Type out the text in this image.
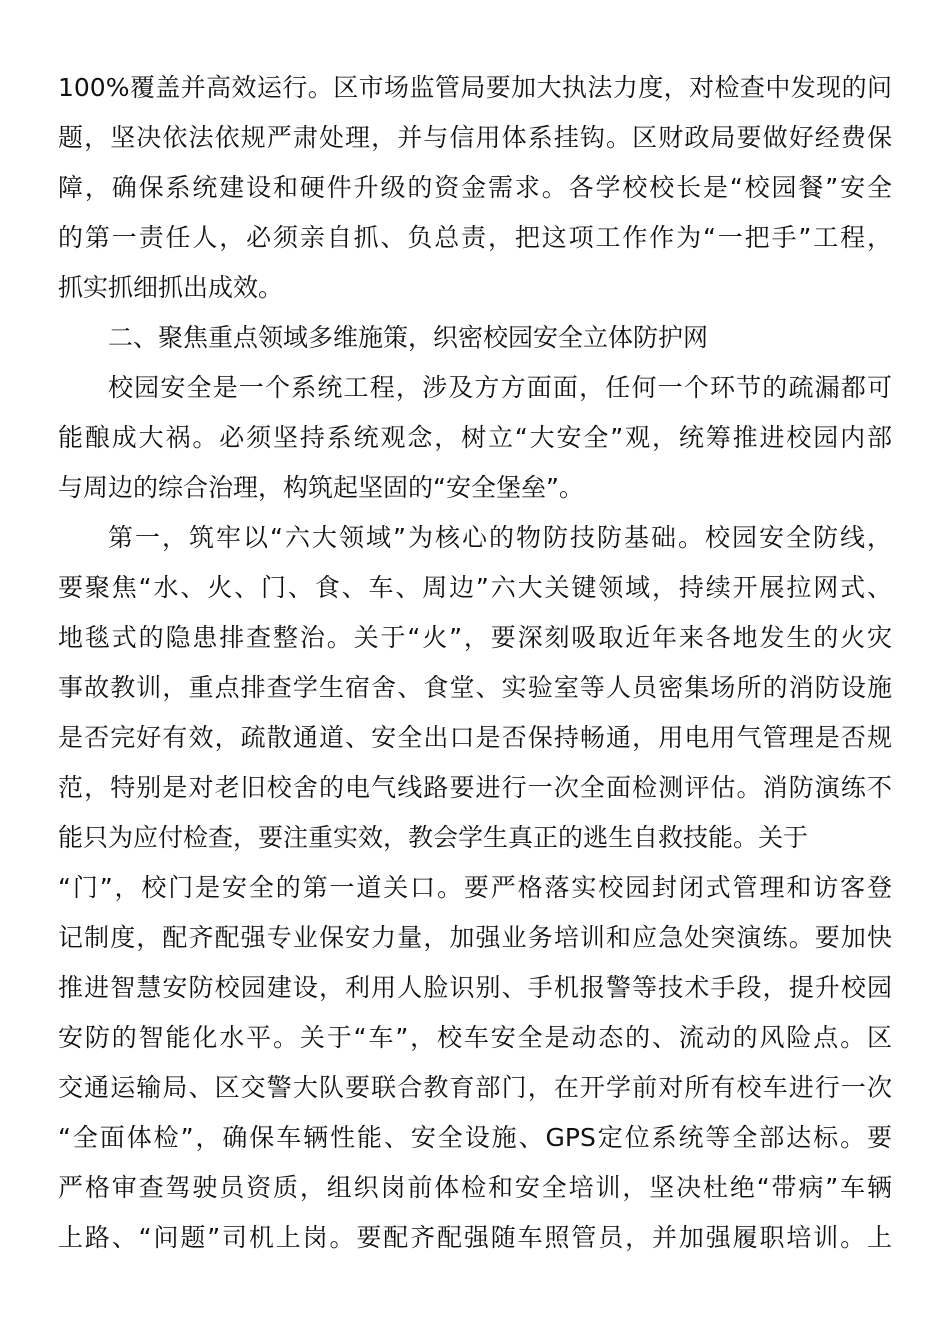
100%覆盖并高效运行。区市场监管局要加大执法力度，对检查中发现的问
题，坚决依法依规严肃处理，并与信用体系挂钩。区财政局要做好经费保
障，确保系统建设和硬件升级的资金需求。各学校校长是“校园餐”安全
的第一责任人，必须亲自抓、负总责，把这项工作作为“一把手”工程，
抓实抓细抓出成效。
二、聚焦重点领域多维施策，织密校园安全立体防护网
校园安全是一个系统工程，涉及方方面面，任何一个环节的疏漏都可
能酿成大祸。必须坚持系统观念，树立“大安全”观，统筹推进校园内部
与周边的综合治理，构筑起坚固的“安全堡垒”。
第一，筑牢以“六大领域”为核心的物防技防基础。校园安全防线，
要聚焦“水、火、门、食、车、周边”六大关键领域，持续开展拉网式、
地毯式的隐患排查整治。关于“火”，要深刻吸取近年来各地发生的火灾
事故教训，重点排查学生宿舍、食堂、实验室等人员密集场所的消防设施
是否完好有效，疏散通道、安全出口是否保持畅通，用电用气管理是否规
范，特别是对老旧校舍的电气线路要进行一次全面检测评估。消防演练不
能只为应付检查，要注重实效，教会学生真正的逃生自救技能。关于
“门”，校门是安全的第一道关口。要严格落实校园封闭式管理和访客登
记制度，配齐配强专业保安力量，加强业务培训和应急处突演练。要加快
推进智慧安防校园建设，利用人脸识别、手机报警等技术手段，提升校园
安防的智能化水平。关于“车”，校车安全是动态的、流动的风险点。区
交通运输局、区交警大队要联合教育部门，在开学前对所有校车进行一次
“全面体检”，确保车辆性能、安全设施、GPS定位系统等全部达标。要
严格审查驾驶员资质，组织岗前体检和安全培训，坚决杜绝“带病”车辆
上路、“问题”司机上岗。要配齐配强随车照管员，并加强履职培训。上
